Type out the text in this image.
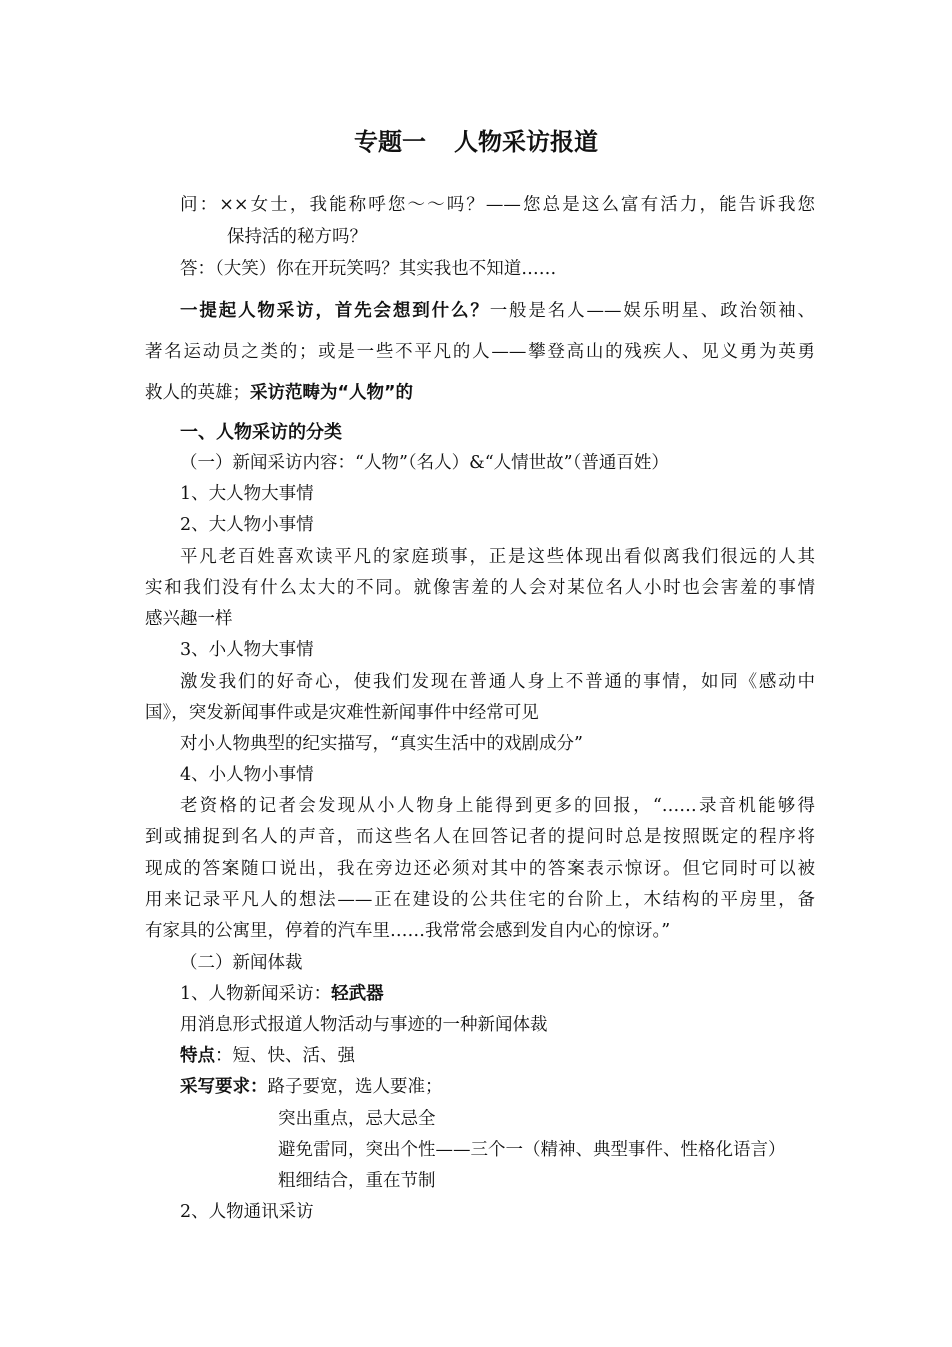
专题一 人物采访报道
问：××女士，我能称呼您～～吗？——您总是这么富有活力，能告诉我您
保持活的秘方吗？
答：（大笑）你在开玩笑吗？其实我也不知道……
一提起人物采访，首先会想到什么？一般是名人——娱乐明星、政治领袖、
著名运动员之类的；或是一些不平凡的人——攀登高山的残疾人、见义勇为英勇
救人的英雄；采访范畴为“人物”的
一、人物采访的分类
（一）新闻采访内容：“人物”（名人）&“人情世故”（普通百姓）
1、大人物大事情
2、大人物小事情
平凡老百姓喜欢读平凡的家庭琐事，正是这些体现出看似离我们很远的人其
实和我们没有什么太大的不同。就像害羞的人会对某位名人小时也会害羞的事情
感兴趣一样
3、小人物大事情
激发我们的好奇心，使我们发现在普通人身上不普通的事情，如同《感动中
国》，突发新闻事件或是灾难性新闻事件中经常可见
对小人物典型的纪实描写，“真实生活中的戏剧成分”
4、小人物小事情
老资格的记者会发现从小人物身上能得到更多的回报，“……录音机能够得
到或捕捉到名人的声音，而这些名人在回答记者的提问时总是按照既定的程序将
现成的答案随口说出，我在旁边还必须对其中的答案表示惊讶。但它同时可以被
用来记录平凡人的想法——正在建设的公共住宅的台阶上，木结构的平房里，备
有家具的公寓里，停着的汽车里……我常常会感到发自内心的惊讶。”
（二）新闻体裁
1、人物新闻采访：轻武器
用消息形式报道人物活动与事迹的一种新闻体裁
特点：短、快、活、强
采写要求：路子要宽，选人要准；
突出重点，忌大忌全
避免雷同，突出个性——三个一（精神、典型事件、性格化语言）
粗细结合，重在节制
2、人物通讯采访
